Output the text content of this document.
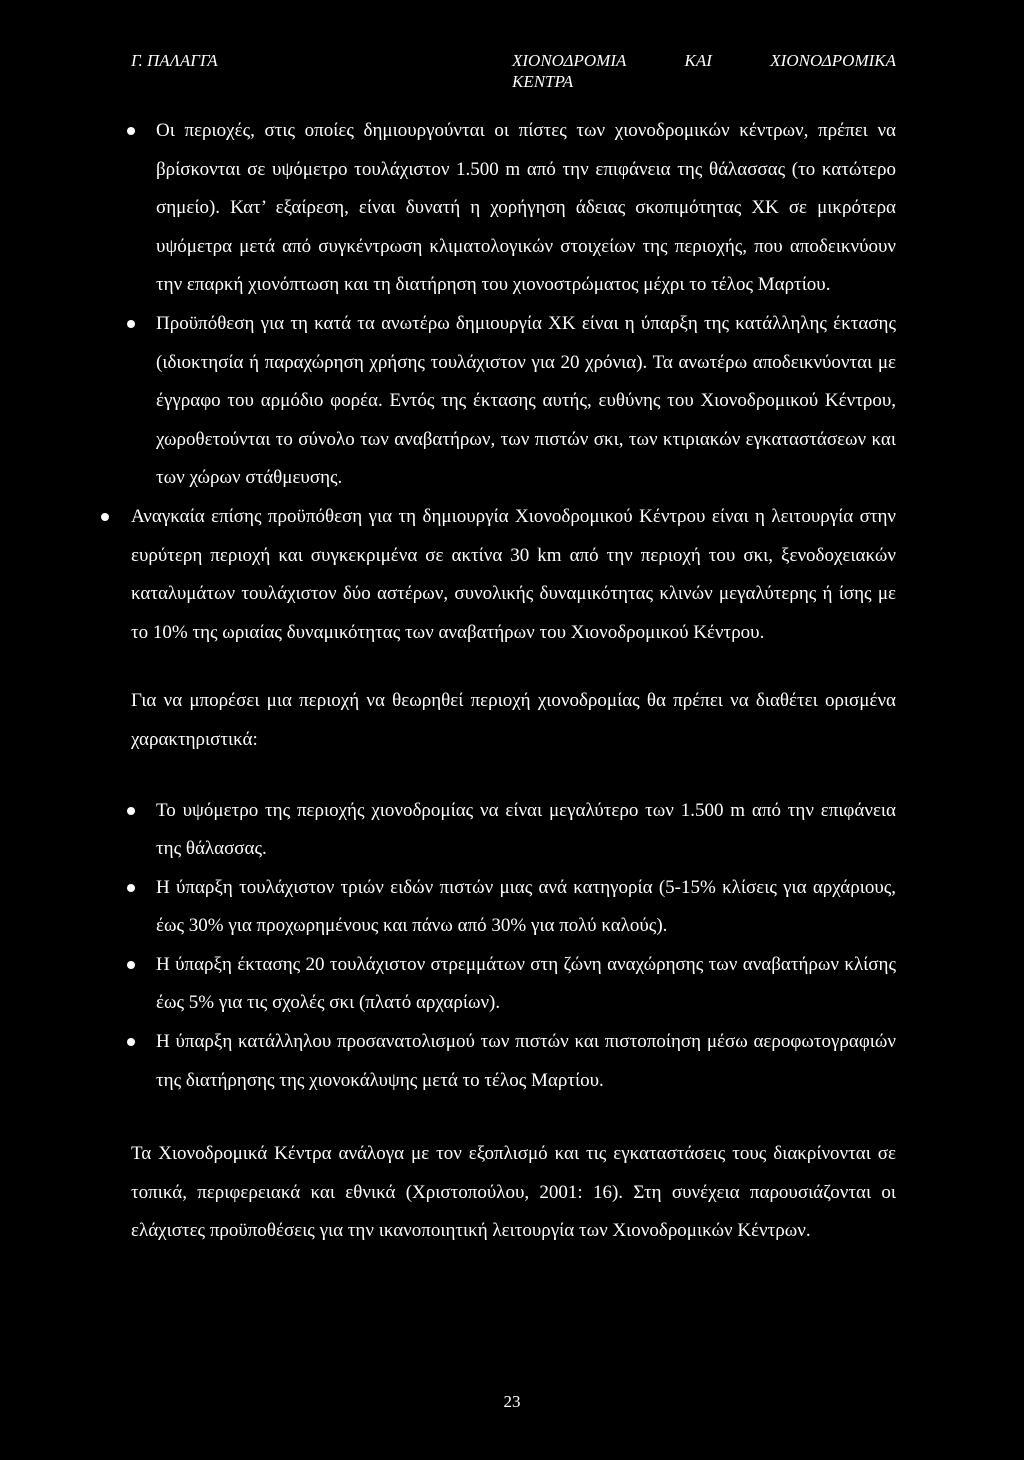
Γ. ΠΑΛΑΓΓΑ	ΧΙΟΝΟΔΡΟΜΙΑ ΚΑΙ ΧΙΟΝΟΔΡΟΜΙΚΑ
ΚΕΝΤΡΑ
Οι περιοχές, στις οποίες δημιουργούνται οι πίστες των χιονοδρομικών κέντρων, πρέπει να βρίσκονται σε υψόμετρο τουλάχιστον 1.500 m από την επιφάνεια της θάλασσας (το κατώτερο σημείο). Κατ’ εξαίρεση, είναι δυνατή η χορήγηση άδειας σκοπιμότητας ΧΚ σε μικρότερα υψόμετρα μετά από συγκέντρωση κλιματολογικών στοιχείων της περιοχής, που αποδεικνύουν την επαρκή χιονόπτωση και τη διατήρηση του χιονοστρώματος μέχρι το τέλος Μαρτίου.
Προϋπόθεση για τη κατά τα ανωτέρω δημιουργία ΧΚ είναι η ύπαρξη της κατάλληλης έκτασης (ιδιοκτησία ή παραχώρηση χρήσης τουλάχιστον για 20 χρόνια). Τα ανωτέρω αποδεικνύονται με έγγραφο του αρμόδιο φορέα. Εντός της έκτασης αυτής, ευθύνης του Χιονοδρομικού Κέντρου, χωροθετούνται το σύνολο των αναβατήρων, των πιστών σκι, των κτιριακών εγκαταστάσεων και των χώρων στάθμευσης.
Αναγκαία επίσης προϋπόθεση για τη δημιουργία Χιονοδρομικού Κέντρου είναι η λειτουργία στην ευρύτερη περιοχή και συγκεκριμένα σε ακτίνα 30 km από την περιοχή του σκι, ξενοδοχειακών καταλυμάτων τουλάχιστον δύο αστέρων, συνολικής δυναμικότητας κλινών μεγαλύτερης ή ίσης με το 10% της ωριαίας δυναμικότητας των αναβατήρων του Χιονοδρομικού Κέντρου.

Για να μπορέσει μια περιοχή να θεωρηθεί περιοχή χιονοδρομίας θα πρέπει να διαθέτει ορισμένα χαρακτηριστικά:

Το υψόμετρο της περιοχής χιονοδρομίας να είναι μεγαλύτερο των 1.500 m από την επιφάνεια της θάλασσας.
Η ύπαρξη τουλάχιστον τριών ειδών πιστών μιας ανά κατηγορία (5-15% κλίσεις για αρχάριους, έως 30% για προχωρημένους και πάνω από 30% για πολύ καλούς).
Η ύπαρξη έκτασης 20 τουλάχιστον στρεμμάτων στη ζώνη αναχώρησης των αναβατήρων κλίσης έως 5% για τις σχολές σκι (πλατό αρχαρίων).
Η ύπαρξη κατάλληλου προσανατολισμού των πιστών και πιστοποίηση μέσω αεροφωτογραφιών της διατήρησης της χιονοκάλυψης μετά το τέλος Μαρτίου.

Τα Χιονοδρομικά Κέντρα ανάλογα με τον εξοπλισμό και τις εγκαταστάσεις τους διακρίνονται σε τοπικά, περιφερειακά και εθνικά (Χριστοπούλου, 2001: 16). Στη συνέχεια παρουσιάζονται οι ελάχιστες προϋποθέσεις για την ικανοποιητική λειτουργία των Χιονοδρομικών Κέντρων.

23
